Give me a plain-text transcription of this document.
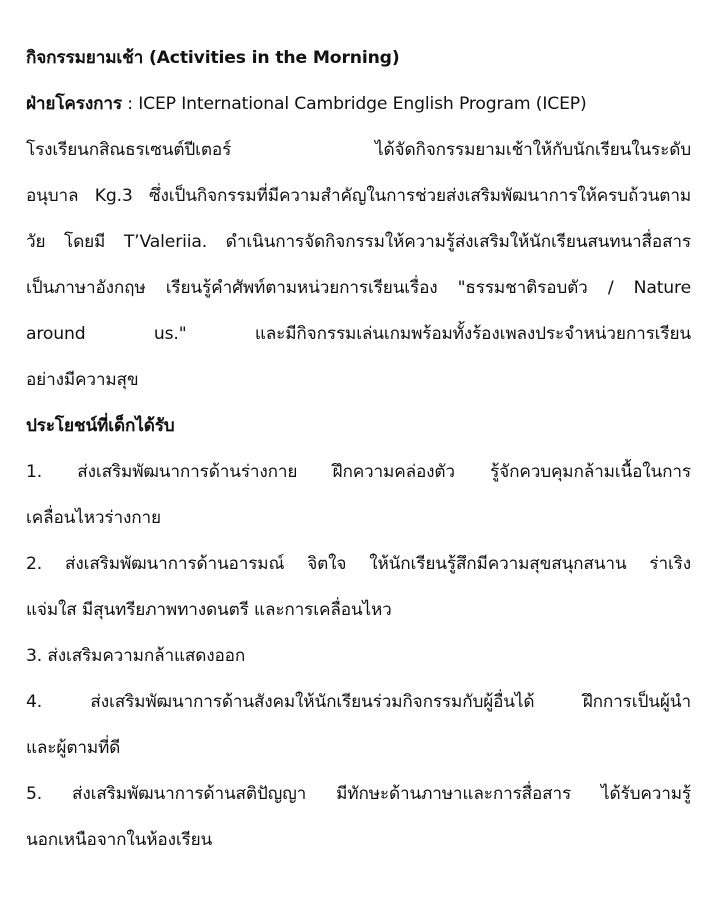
กิจกรรมยามเช้า (Activities in the Morning)
ฝ่ายโครงการ : ICEP International Cambridge English Program (ICEP)
โรงเรียนกสิณธรเซนต์ปีเตอร์ ได้จัดกิจกรรมยามเช้าให้กับนักเรียนในระดับ
อนุบาล Kg.3 ซึ่งเป็นกิจกรรมที่มีความสำคัญในการช่วยส่งเสริมพัฒนาการให้ครบถ้วนตาม
วัย โดยมี T’Valeriia. ดำเนินการจัดกิจกรรมให้ความรู้ส่งเสริมให้นักเรียนสนทนาสื่อสาร
เป็นภาษาอังกฤษ เรียนรู้คำศัพท์ตามหน่วยการเรียนเรื่อง "ธรรมชาติรอบตัว / Nature
around us." และมีกิจกรรมเล่นเกมพร้อมทั้งร้องเพลงประจำหน่วยการเรียน
อย่างมีความสุข
ประโยชน์ที่เด็กได้รับ
1. ส่งเสริมพัฒนาการด้านร่างกาย ฝึกความคล่องตัว รู้จักควบคุมกล้ามเนื้อในการ
เคลื่อนไหวร่างกาย
2. ส่งเสริมพัฒนาการด้านอารมณ์ จิตใจ ให้นักเรียนรู้สึกมีความสุขสนุกสนาน ร่าเริง
แจ่มใส มีสุนทรียภาพทางดนตรี และการเคลื่อนไหว
3. ส่งเสริมความกล้าแสดงออก
4. ส่งเสริมพัฒนาการด้านสังคมให้นักเรียนร่วมกิจกรรมกับผู้อื่นได้ ฝึกการเป็นผู้นำ
และผู้ตามที่ดี
5. ส่งเสริมพัฒนาการด้านสติปัญญา มีทักษะด้านภาษาและการสื่อสาร ได้รับความรู้
นอกเหนือจากในห้องเรียน
